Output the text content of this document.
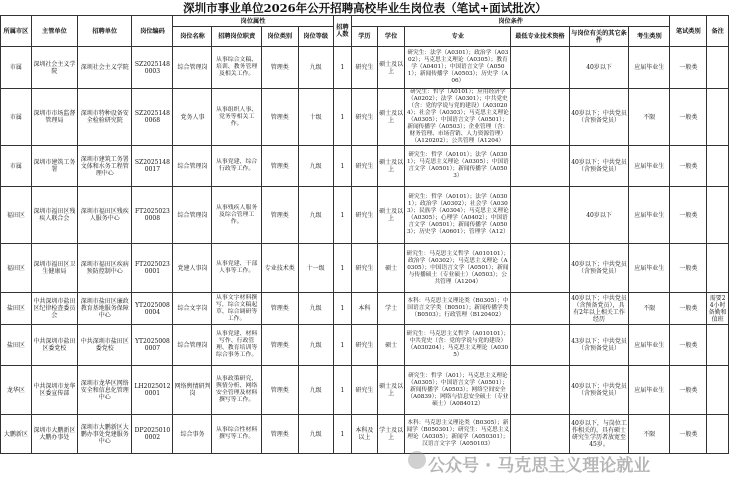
深圳市事业单位2026年公开招聘高校毕业生岗位表（笔试+面试批次）
所属市区	主管单位	招聘单位	岗位编码	岗位属性				招聘人数	岗位条件						笔试类别	备注
				岗位名称	招聘岗位职责	岗位类别	岗位等级		学历	学位	专业	最低专业技术资格	与岗位有关的其它条件	考生类别		
市属	深圳社会主义学院	深圳社会主义学院	SZ20251480003	综合管理岗	从事综合文稿、培训、教务管理及相关工作。	管理类	九级	1	研究生	硕士及以上	研究生：法学（A0301）；政治学（A0302）；马克思主义理论（A0305）；教育学（A0401）；中国语言文学（A0501）；新闻传播学（A0503）；历史学（A06）		40岁以下	应届毕业生	一般类	
市属	深圳市市场监督管理局	深圳市特种设备安全检验研究院	SZ20251480068	党务人事	从事组织人事、党务等相关工作。	管理类	十级	1	研究生	硕士及以上	研究生：哲学（A0101）；应用经济学（A0202）；法学（A0301）；中共党史（含：党的学说与党的建设）（A030204）；社会学（A0303）；马克思主义理论（A0305）；中国语言文学（A0501）；新闻传播学（A0503）；企业管理（含：财务管理、市场营销、人力资源管理）（A120202）；公共管理（A1204）		40岁以下；中共党员（含预备党员）	不限	一般类	
市属	深圳市建筑工务署	深圳市建筑工务署文体和水务工程管理中心	SZ20251480017	综合管理岗	从事党建、综合行政等工作。	管理类	九级	1	研究生	硕士及以上	研究生：哲学（A0101）；法学（A0301）；马克思主义理论（A0305）；中国语言文学（A0501）；新闻传播学（A0503）		40岁以下；中共党员（含预备党员）	应届毕业生	一般类	
福田区	深圳市福田区残疾人联合会	深圳市福田区残疾人服务中心	FT20250230008	综合管理岗	从事残疾人服务及综合管理工作。	管理类	九级	1	研究生	硕士及以上	研究生：哲学（A0101）；法学（A0301）；政治学（A0302）；社会学（A0303）；民族学（A0304）；马克思主义理论（A0305）；心理学（A0402）；中国语言文学（A0501）；新闻传播学（A0503）；历史学（A0601）；管理学（A12）		40岁以下	应届毕业生	一般类	
福田区	深圳市福田区卫生健康局	深圳市福田区疾病预防控制中心	FT20250230001	党建人事岗	从事党建、干部人事等工作。	专业技术类	十一级	1	研究生	硕士	研究生：马克思主义哲学（A010101）；政治学（A0302）；马克思主义理论（A0305）；中国语言文学（A0501）；新闻与传播硕士（专业硕士）（A0503）；公共管理（A1204）		40岁以下；中共党员（含预备党员）	应届毕业生	一般类	
盐田区	中共深圳市盐田区纪律检查委员会	深圳市盐田区廉政教育基地服务保障中心	YT20250080004	综合文字岗	从事文字材料撰写，综合文稿起草、综合调研等工作。	管理类	九级	1	本科	学士	本科：马克思主义理论类（B0305）；中国语言文学类（B0501）；新闻传播学类（B0503）；行政管理（B120402）		40岁以下；中共党员（含预备党员），具有2年以上相关工作经历	不限	一般类	需要24小时备勤和值班
盐田区	中共深圳市盐田区委党校	中共深圳市盐田区委党校	YT20250080007	综合管理岗	从事党建、材料写作、行政管理、教育培训等综合事务工作。	管理类	九级	1	研究生	硕士	研究生：马克思主义哲学（A010101）；中共党史（含：党的学说与党的建设）（A030204）；马克思主义理论（A0305）		43岁以下；中共党员（含预备党员）	应届毕业生	一般类	
龙华区	中共深圳市龙华区委宣传部	深圳市龙华区网络安全和信息化管理中心	LH20250120001	网络舆情研判岗	从事政策研究、舆情分析、网络安全管理及材料撰写等工作。	管理类	九级	1	研究生	硕士及以上	研究生：哲学（A01）；马克思主义理论（A0305）；中国语言文学（A0501）；新闻传播学（A0503）；网络空间安全（A0839）；网络与信息安全硕士（专业硕士）（A084012）		40岁以下；中共党员（含预备党员）	应届毕业生	一般类	
大鹏新区	深圳市大鹏新区大鹏办事处	深圳市大鹏新区大鹏办事处党建服务中心	DP20250100002	综合事务	从事综合性材料撰写等工作。	管理类	九级	1	本科及以上	学士及以上	本科：马克思主义理论类（B0305）；新闻学（B050301）；研究生：马克思主义理论（A0305）；新闻学（A050301）；汉语言文字学（A050103）		40岁以下，与岗位工作相关的，具有硕士研究生学历者放宽至45岁。	不限	一般类	
公众号 · 马克思主义理论就业
